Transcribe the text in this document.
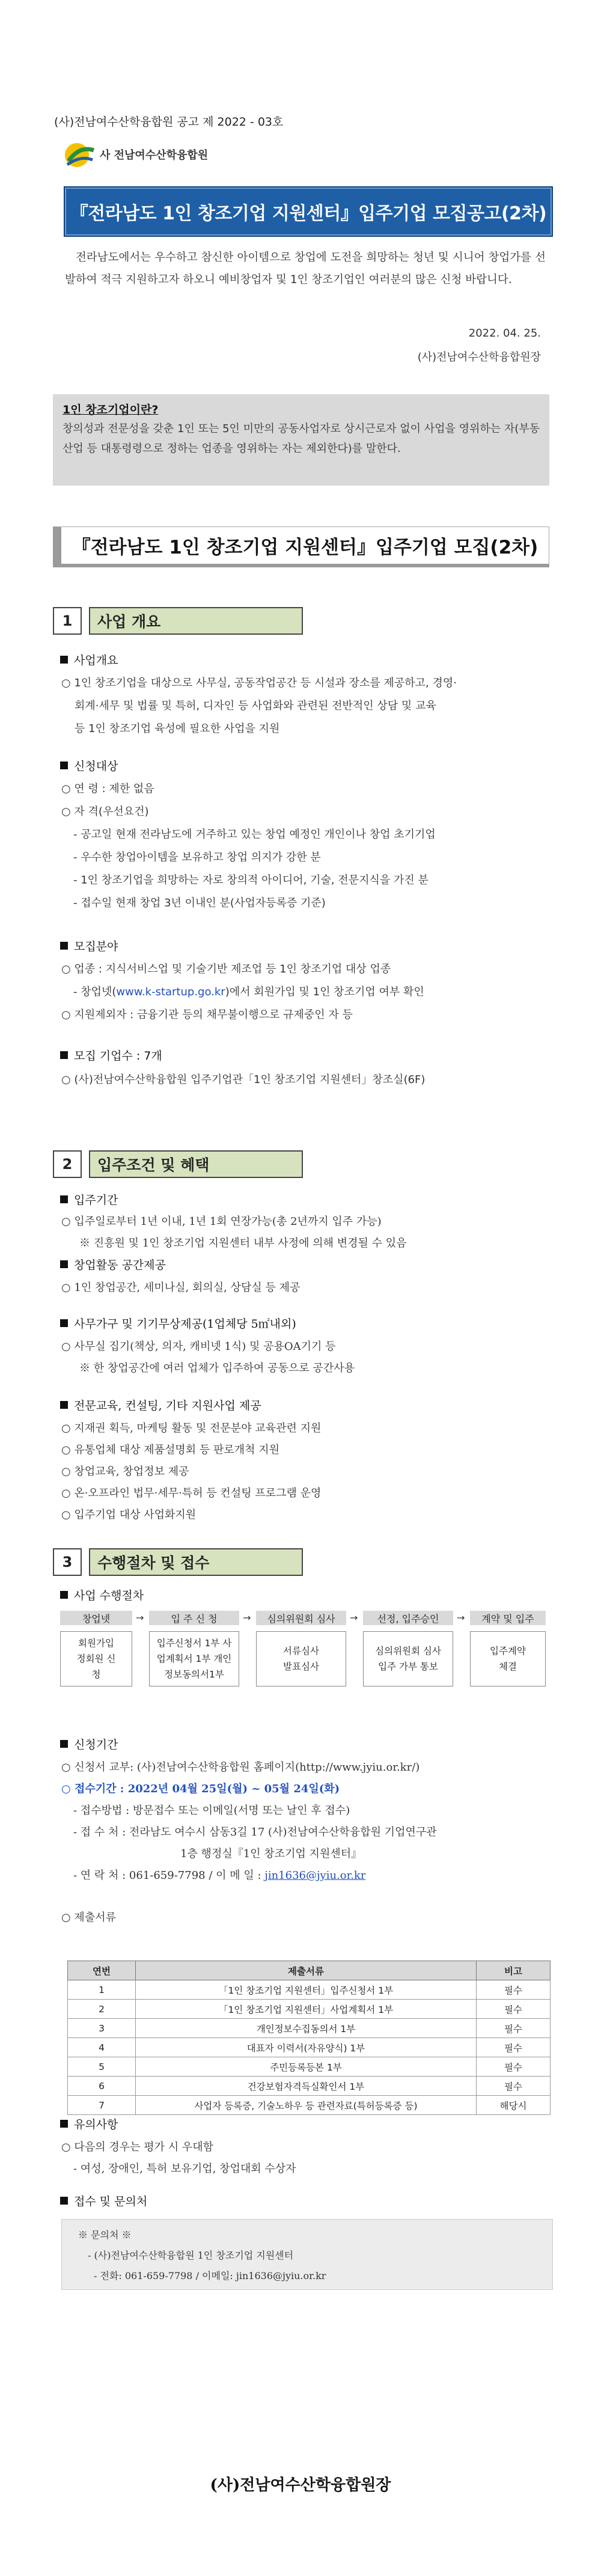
(사)전남여수산학융합원 공고 제 2022 - 03호
사 전남여수산학융합원
『전라남도 1인 창조기업 지원센터』입주기업 모집공고(2차)
전라남도에서는 우수하고 참신한 아이템으로 창업에 도전을 희망하는 청년 및 시니어 창업가를 선발하여 적극 지원하고자 하오니 예비창업자 및 1인 창조기업인 여러분의 많은 신청 바랍니다.
2022. 04. 25.
(사)전남여수산학융합원장
1인 창조기업이란?
창의성과 전문성을 갖춘 1인 또는 5인 미만의 공동사업자로 상시근로자 없이 사업을 영위하는 자(부동산업 등 대통령령으로 정하는 업종을 영위하는 자는 제외한다)를 말한다.
『전라남도 1인 창조기업 지원센터』입주기업 모집(2차)
1	사업 개요
사업개요
○ 1인 창조기업을 대상으로 사무실, 공동작업공간 등 시설과 장소를 제공하고, 경영·
회계·세무 및 법률 및 특허, 디자인 등 사업화와 관련된 전반적인 상담 및 교육
등 1인 창조기업 육성에 필요한 사업을 지원
신청대상
○ 연 령 : 제한 없음
○ 자 격(우선요건)
- 공고일 현재 전라남도에 거주하고 있는 창업 예정인 개인이나 창업 초기기업
- 우수한 창업아이템을 보유하고 창업 의지가 강한 분
- 1인 창조기업을 희망하는 자로 창의적 아이디어, 기술, 전문지식을 가진 분
- 접수일 현재 창업 3년 이내인 분(사업자등록증 기준)
모집분야
○ 업종 : 지식서비스업 및 기술기반 제조업 등 1인 창조기업 대상 업종
- 창업넷(www.k-startup.go.kr)에서 회원가입 및 1인 창조기업 여부 확인
○ 지원제외자 : 금융기관 등의 채무불이행으로 규제중인 자 등
모집 기업수 : 7개
○ (사)전남여수산학융합원 입주기업관「1인 창조기업 지원센터」창조실(6F)
2	입주조건 및 혜택
입주기간
○ 입주일로부터 1년 이내, 1년 1회 연장가능(총 2년까지 입주 가능)
※ 진흥원 및 1인 창조기업 지원센터 내부 사정에 의해 변경될 수 있음
창업활동 공간제공
○ 1인 창업공간, 세미나실, 회의실, 상담실 등 제공
사무가구 및 기기무상제공(1업체당 5㎡내외)
○ 사무실 집기(책상, 의자, 캐비넷 1식) 및 공용OA기기 등
※ 한 창업공간에 여러 업체가 입주하여 공동으로 공간사용
전문교육, 컨설팅, 기타 지원사업 제공
○ 지재권 획득, 마케팅 활동 및 전문분야 교육관련 지원
○ 유통업체 대상 제품설명회 등 판로개척 지원
○ 창업교육, 창업정보 제공
○ 온·오프라인 법무·세무·특허 등 컨설팅 프로그램 운영
○ 입주기업 대상 사업화지원
3	수행절차 및 접수
사업 수행절차
창업넷	→	입 주 신 청	→	심의위원회 심사	→	선정, 입주승인	→	계약 및 입주
회원가입 정회원 신청
입주신청서 1부 사업계획서 1부 개인정보동의서1부
서류심사 발표심사
심의위원회 심사 입주 가부 통보
입주계약 체결
신청기간
○ 신청서 교부: (사)전남여수산학융합원 홈페이지(http://www.jyiu.or.kr/)
○ 접수기간 : 2022년 04월 25일(월) ~ 05월 24일(화)
- 접수방법 : 방문접수 또는 이메일(서명 또는 날인 후 접수)
- 접 수 처 : 전라남도 여수시 삼동3길 17 (사)전남여수산학융합원 기업연구관
1층 행정실『1인 창조기업 지원센터』
- 연 락 처 : 061-659-7798 / 이 메 일 : jin1636@jyiu.or.kr
○ 제출서류
연번	제출서류	비고
1	「1인 창조기업 지원센터」입주신청서 1부	필수
2	「1인 창조기업 지원센터」사업계획서 1부	필수
3	개인정보수집동의서 1부	필수
4	대표자 이력서(자유양식) 1부	필수
5	주민등록등본 1부	필수
6	건강보험자격득실확인서 1부	필수
7	사업자 등록증, 기술노하우 등 관련자료(특허등록증 등)	해당시
유의사항
○ 다음의 경우는 평가 시 우대함
- 여성, 장애인, 특허 보유기업, 창업대회 수상자
접수 및 문의처
※ 문의처 ※
- (사)전남여수산학융합원 1인 창조기업 지원센터
- 전화: 061-659-7798 / 이메일: jin1636@jyiu.or.kr
(사)전남여수산학융합원장
